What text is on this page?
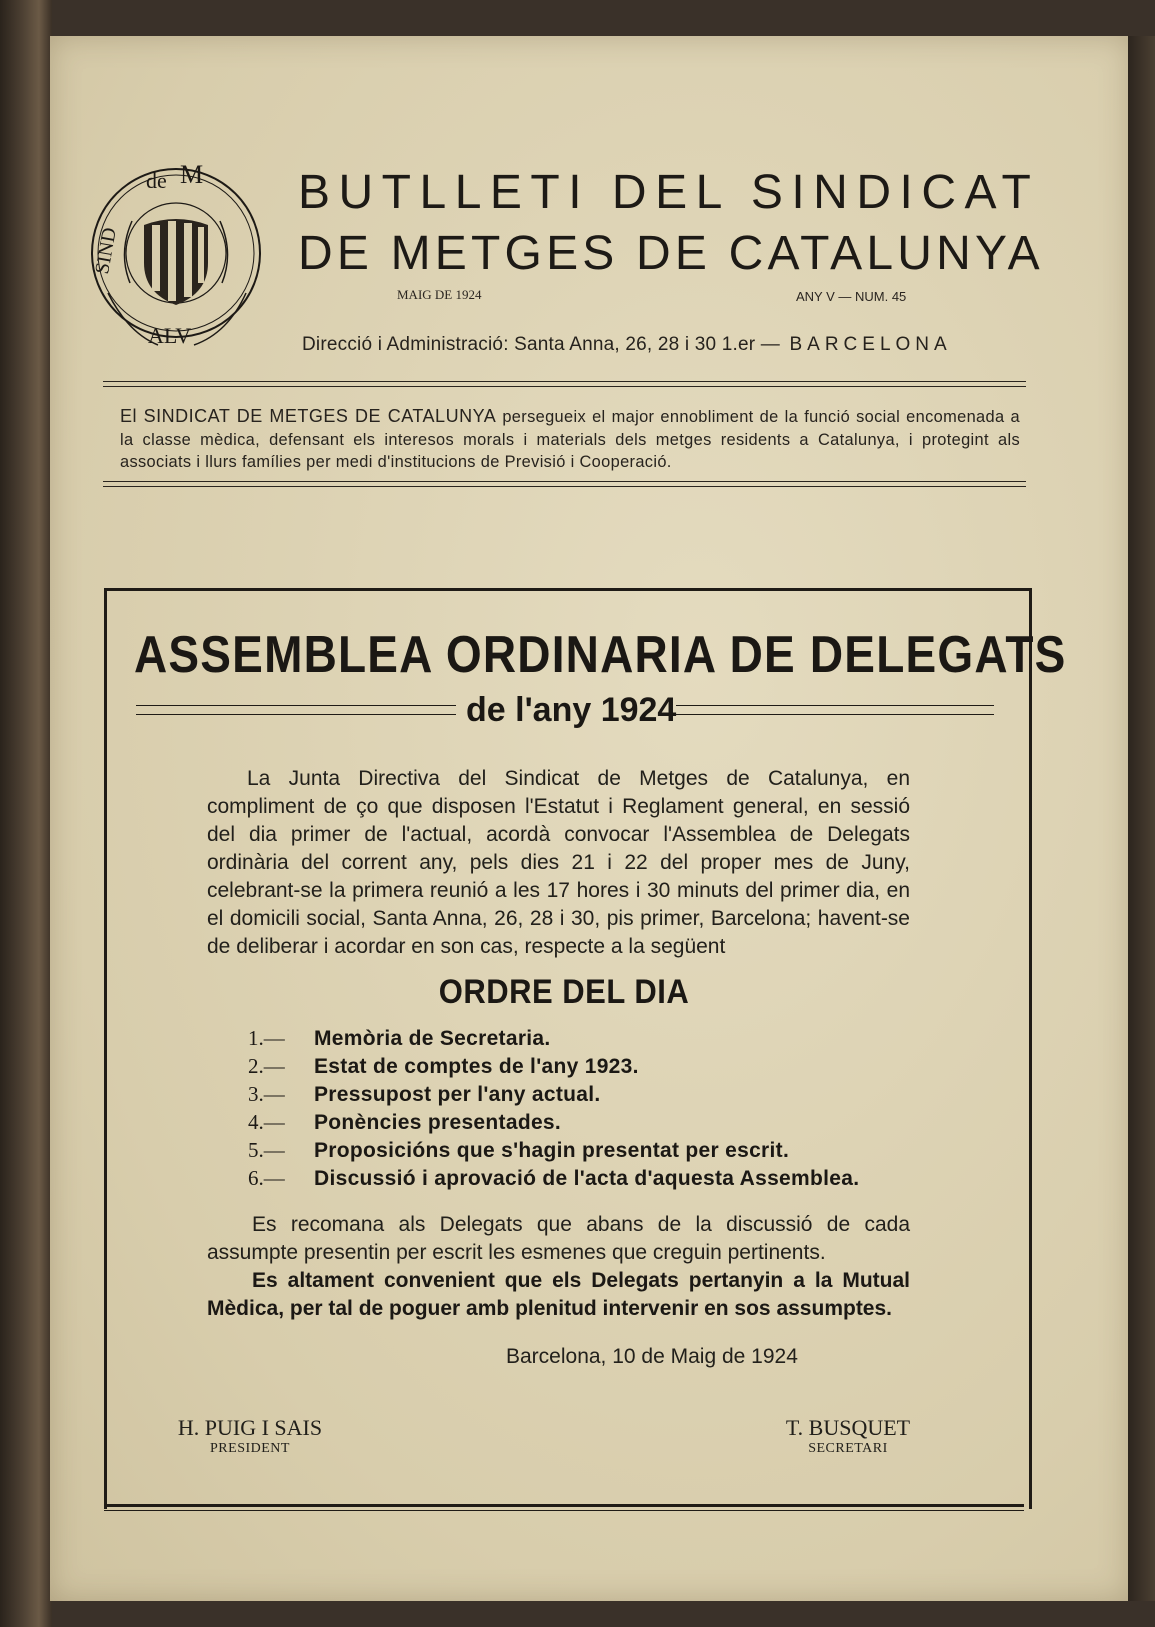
de M
SIND
ALV
BUTLLETI DEL SINDICAT
DE METGES DE CATALUNYA
MAIG DE 1924	ANY V — NUM. 45
Direcció i Administració: Santa Anna, 26, 28 i 30 1.er — BARCELONA
El SINDICAT DE METGES DE CATALUNYA persegueix el major ennobliment de la funció social encomenada a la classe mèdica, defensant els interesos morals i materials dels metges residents a Catalunya, i protegint als associats i llurs famílies per medi d'institucions de Previsió i Cooperació.
ASSEMBLEA ORDINARIA DE DELEGATS
de l'any 1924
La Junta Directiva del Sindicat de Metges de Catalunya, en compliment de ço que disposen l'Estatut i Reglament general, en sessió del dia primer de l'actual, acordà convocar l'Assemblea de Delegats ordinària del corrent any, pels dies 21 i 22 del proper mes de Juny, celebrant-se la primera reunió a les 17 hores i 30 minuts del primer dia, en el domicili social, Santa Anna, 26, 28 i 30, pis primer, Barcelona; havent-se de deliberar i acordar en son cas, respecte a la següent
ORDRE DEL DIA
1.— Memòria de Secretaria.
2.— Estat de comptes de l'any 1923.
3.— Pressupost per l'any actual.
4.— Ponències presentades.
5.— Proposicións que s'hagin presentat per escrit.
6.— Discussió i aprovació de l'acta d'aquesta Assemblea.
Es recomana als Delegats que abans de la discussió de cada assumpte presentin per escrit les esmenes que creguin pertinents.
Es altament convenient que els Delegats pertanyin a la Mutual Mèdica, per tal de poguer amb plenitud intervenir en sos assumptes.
Barcelona, 10 de Maig de 1924
H. PUIG I SAIS
PRESIDENT
T. BUSQUET
SECRETARI
